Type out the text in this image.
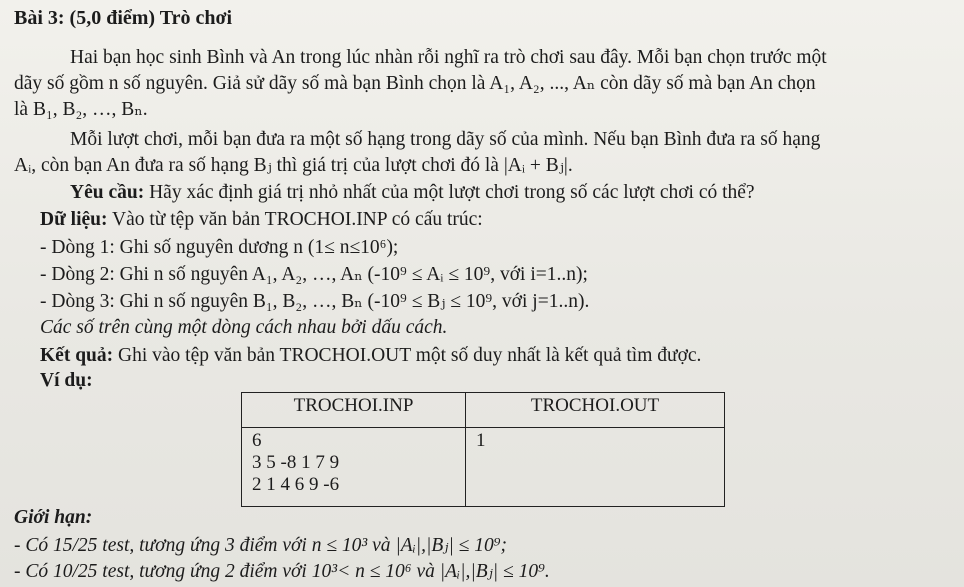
Bài 3: (5,0 điểm) Trò chơi
Hai bạn học sinh Bình và An trong lúc nhàn rỗi nghĩ ra trò chơi sau đây. Mỗi bạn chọn trước một
dãy số gồm n số nguyên. Giả sử dãy số mà bạn Bình chọn là A₁, A₂, ..., Aₙ còn dãy số mà bạn An chọn
là B₁, B₂, …, Bₙ.
Mỗi lượt chơi, mỗi bạn đưa ra một số hạng trong dãy số của mình. Nếu bạn Bình đưa ra số hạng
Aᵢ, còn bạn An đưa ra số hạng Bⱼ thì giá trị của lượt chơi đó là |Aᵢ + Bⱼ|.
Yêu cầu: Hãy xác định giá trị nhỏ nhất của một lượt chơi trong số các lượt chơi có thể?
Dữ liệu: Vào từ tệp văn bản TROCHOI.INP có cấu trúc:
- Dòng 1: Ghi số nguyên dương n (1≤ n≤10⁶);
- Dòng 2: Ghi n số nguyên A₁, A₂, …, Aₙ (-10⁹ ≤ Aᵢ ≤ 10⁹, với i=1..n);
- Dòng 3: Ghi n số nguyên B₁, B₂, …, Bₙ (-10⁹ ≤ Bⱼ ≤ 10⁹, với j=1..n).
Các số trên cùng một dòng cách nhau bởi dấu cách.
Kết quả: Ghi vào tệp văn bản TROCHOI.OUT một số duy nhất là kết quả tìm được.
Ví dụ:
TROCHOI.INP	TROCHOI.OUT

6
3 5 -8 1 7 9
2 1 4 6 9 -6	1
Giới hạn:
- Có 15/25 test, tương ứng 3 điểm với n ≤ 10³ và |Aᵢ|,|Bⱼ| ≤ 10⁹;
- Có 10/25 test, tương ứng 2 điểm với 10³< n ≤ 10⁶ và |Aᵢ|,|Bⱼ| ≤ 10⁹.
